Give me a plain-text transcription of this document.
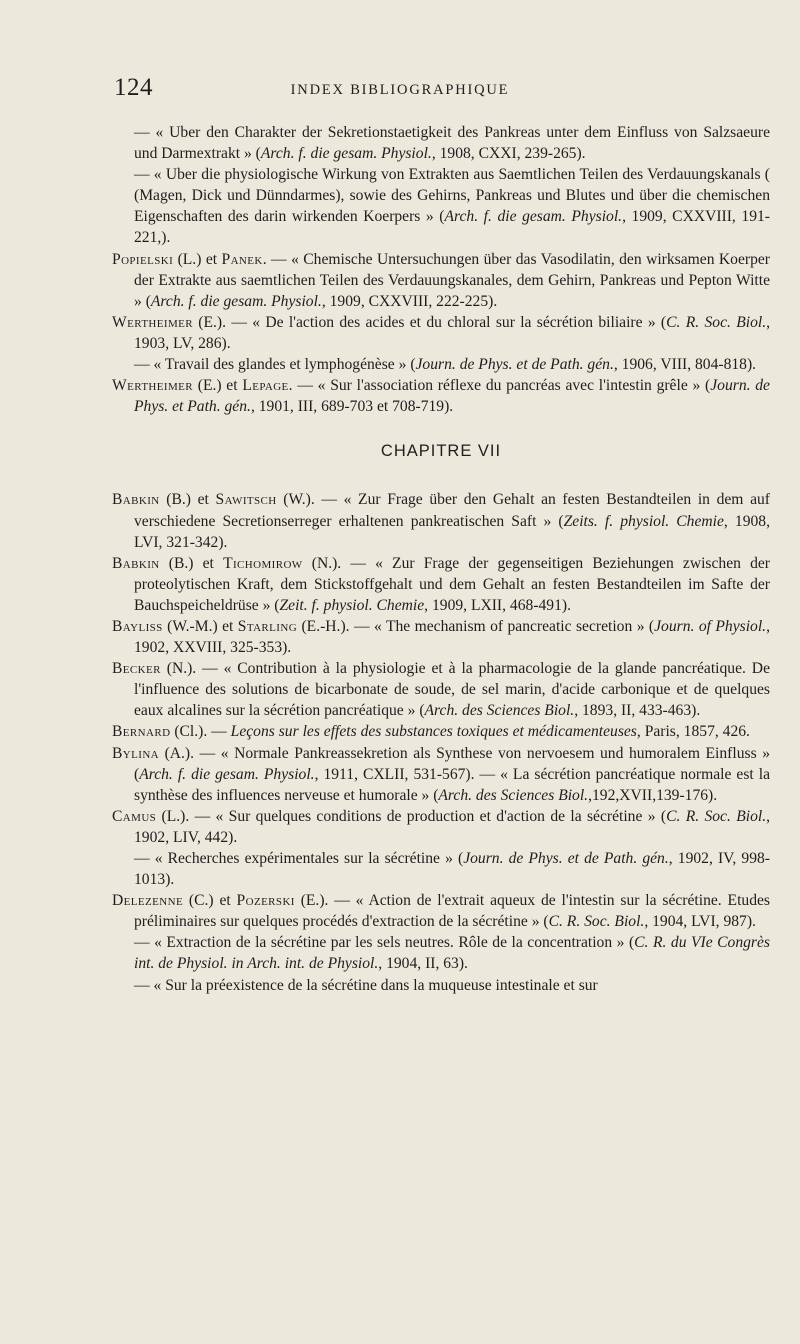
124	INDEX BIBLIOGRAPHIQUE
— « Uber den Charakter der Sekretionstaetigkeit des Pankreas unter dem Einfluss von Salzsaeure und Darmextrakt » (Arch. f. die gesam. Physiol., 1908, CXXI, 239-265).
— « Uber die physiologische Wirkung von Extrakten aus Saemtlichen Teilen des Verdauungskanals ( (Magen, Dick und Dünndarmes), sowie des Gehirns, Pankreas und Blutes und über die chemischen Eigenschaften des darin wirkenden Koerpers » (Arch. f. die gesam. Physiol., 1909, CXXVIII, 191-221,).
Popielski (L.) et Panek. — « Chemische Untersuchungen über das Vasodilatin, den wirksamen Koerper der Extrakte aus saemtlichen Teilen des Verdauungskanales, dem Gehirn, Pankreas und Pepton Witte » (Arch. f. die gesam. Physiol., 1909, CXXVIII, 222-225).
Wertheimer (E.). — « De l'action des acides et du chloral sur la sécrétion biliaire » (C. R. Soc. Biol., 1903, LV, 286).
— « Travail des glandes et lymphogénèse » (Journ. de Phys. et de Path. gén., 1906, VIII, 804-818).
Wertheimer (E.) et Lepage. — « Sur l'association réflexe du pancréas avec l'intestin grêle » (Journ. de Phys. et Path. gén., 1901, III, 689-703 et 708-719).
CHAPITRE VII
Babkin (B.) et Sawitsch (W.). — « Zur Frage über den Gehalt an festen Bestandteilen in dem auf verschiedene Secretionserreger erhaltenen pankreatischen Saft » (Zeits. f. physiol. Chemie, 1908, LVI, 321-342).
Babkin (B.) et Tichomirow (N.). — « Zur Frage der gegenseitigen Beziehungen zwischen der proteolytischen Kraft, dem Stickstoffgehalt und dem Gehalt an festen Bestandteilen im Safte der Bauchspeicheldrüse » (Zeit. f. physiol. Chemie, 1909, LXII, 468-491).
Bayliss (W.-M.) et Starling (E.-H.). — « The mechanism of pancreatic secretion » (Journ. of Physiol., 1902, XXVIII, 325-353).
Becker (N.). — « Contribution à la physiologie et à la pharmacologie de la glande pancréatique. De l'influence des solutions de bicarbonate de soude, de sel marin, d'acide carbonique et de quelques eaux alcalines sur la sécrétion pancréatique » (Arch. des Sciences Biol., 1893, II, 433-463).
Bernard (Cl.). — Leçons sur les effets des substances toxiques et médicamenteuses, Paris, 1857, 426.
Bylina (A.). — « Normale Pankreassekretion als Synthese von nervoesem und humoralem Einfluss » (Arch. f. die gesam. Physiol., 1911, CXLII, 531-567). — « La sécrétion pancréatique normale est la synthèse des influences nerveuse et humorale » (Arch. des Sciences Biol.,192,XVII,139-176).
Camus (L.). — « Sur quelques conditions de production et d'action de la sécrétine » (C. R. Soc. Biol., 1902, LIV, 442).
— « Recherches expérimentales sur la sécrétine » (Journ. de Phys. et de Path. gén., 1902, IV, 998-1013).
Delezenne (C.) et Pozerski (E.). — « Action de l'extrait aqueux de l'intestin sur la sécrétine. Etudes préliminaires sur quelques procédés d'extraction de la sécrétine » (C. R. Soc. Biol., 1904, LVI, 987).
— « Extraction de la sécrétine par les sels neutres. Rôle de la concentration » (C. R. du VIe Congrès int. de Physiol. in Arch. int. de Physiol., 1904, II, 63).
— « Sur la préexistence de la sécrétine dans la muqueuse intestinale et sur
